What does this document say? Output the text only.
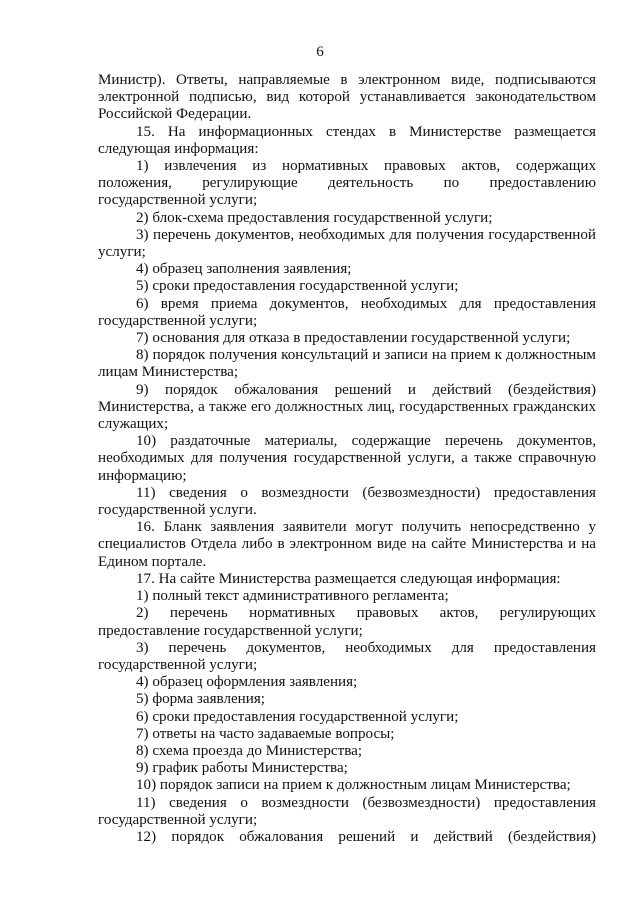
6

Министр). Ответы, направляемые в электронном виде, подписываются электронной подписью, вид которой устанавливается законодательством Российской Федерации.

15. На информационных стендах в Министерстве размещается следующая информация:

1) извлечения из нормативных правовых актов, содержащих положения, регулирующие деятельность по предоставлению государственной услуги;

2) блок-схема предоставления государственной услуги;

3) перечень документов, необходимых для получения государственной услуги;

4) образец заполнения заявления;

5) сроки предоставления государственной услуги;

6) время приема документов, необходимых для предоставления государственной услуги;

7) основания для отказа в предоставлении государственной услуги;

8) порядок получения консультаций и записи на прием к должностным лицам Министерства;

9) порядок обжалования решений и действий (бездействия) Министерства, а также его должностных лиц, государственных гражданских служащих;

10) раздаточные материалы, содержащие перечень документов, необходимых для получения государственной услуги, а также справочную информацию;

11) сведения о возмездности (безвозмездности) предоставления государственной услуги.

16. Бланк заявления заявители могут получить непосредственно у специалистов Отдела либо в электронном виде на сайте Министерства и на Едином портале.

17. На сайте Министерства размещается следующая информация:

1) полный текст административного регламента;

2) перечень нормативных правовых актов, регулирующих предоставление государственной услуги;

3) перечень документов, необходимых для предоставления государственной услуги;

4) образец оформления заявления;

5) форма заявления;

6) сроки предоставления государственной услуги;

7) ответы на часто задаваемые вопросы;

8) схема проезда до Министерства;

9) график работы Министерства;

10) порядок записи на прием к должностным лицам Министерства;

11) сведения о возмездности (безвозмездности) предоставления государственной услуги;

12) порядок обжалования решений и действий (бездействия)
